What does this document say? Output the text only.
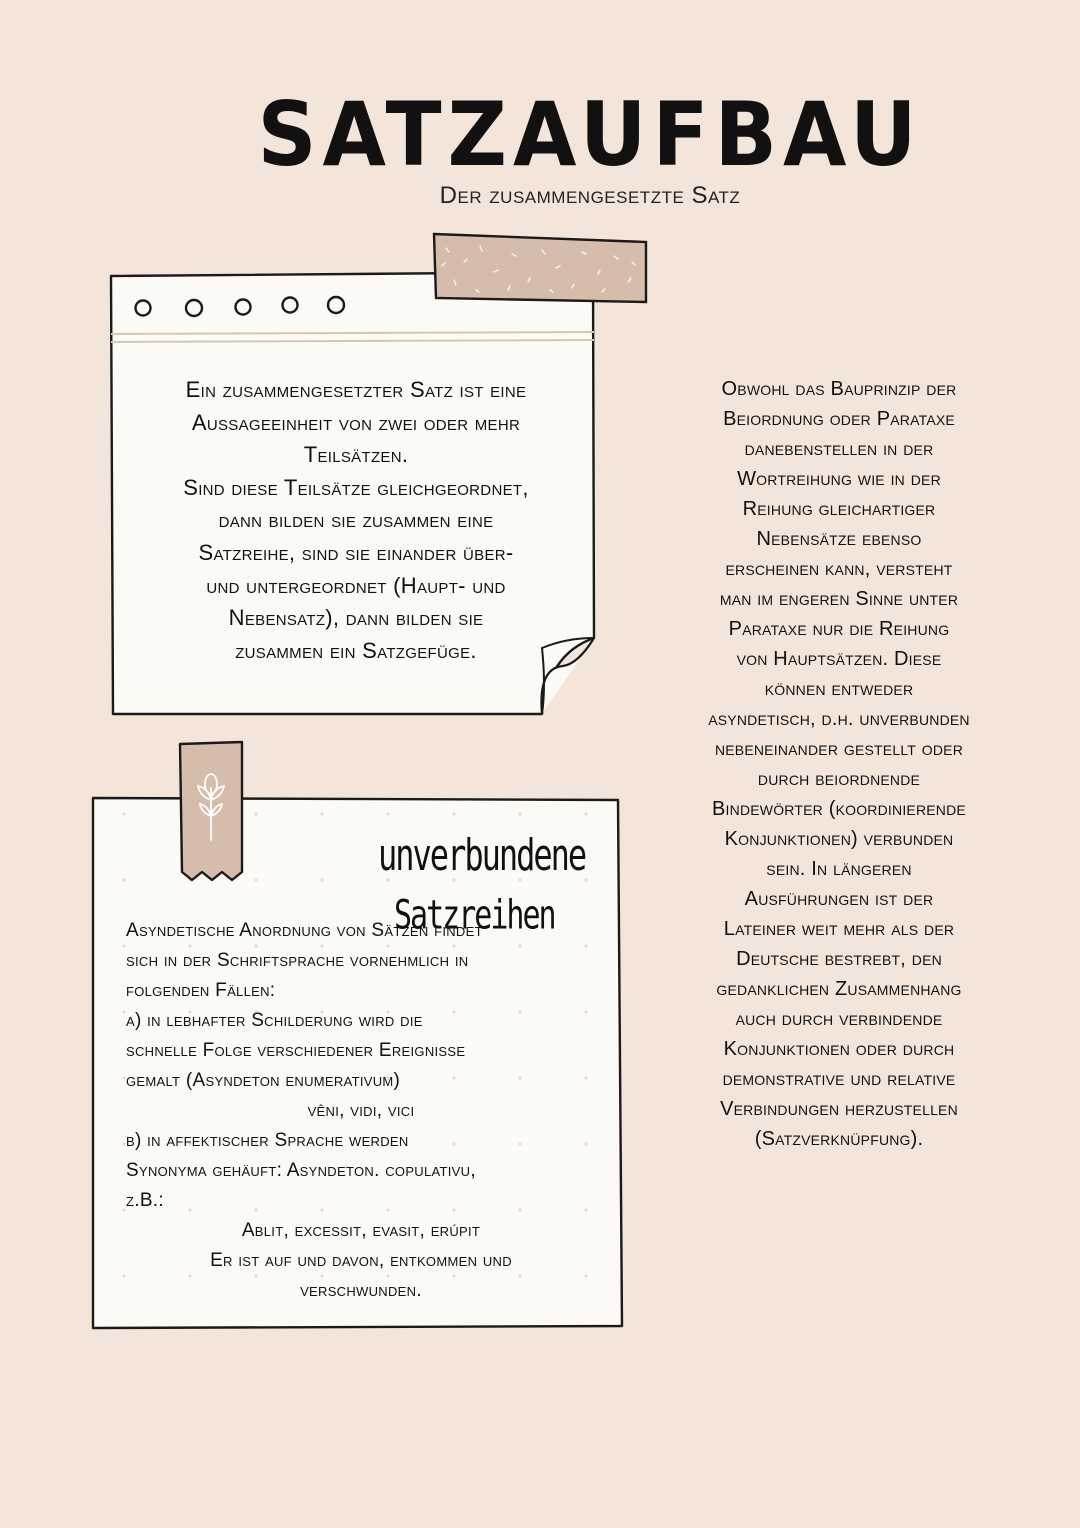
SATZAUFBAU
Der zusammengesetzte Satz

Ein zusammengesetzter Satz ist eine

Aussageeinheit von zwei oder mehr

Teilsätzen.

Sind diese Teilsätze gleichgeordnet,

dann bilden sie zusammen eine

Satzreihe, sind sie einander über-

und untergeordnet (Haupt- und

Nebensatz), dann bilden sie

zusammen ein Satzgefüge.

unverbundene
Satzreihen

Asyndetische Anordnung von Sätzen findet

sich in der Schriftsprache vornehmlich in

folgenden Fällen:

a) in lebhafter Schilderung wird die

schnelle Folge verschiedener Ereignisse

gemalt (Asyndeton enumerativum)

vêni, vidi, vici

b) in affektischer Sprache werden

Synonyma gehäuft: Asyndeton. copulativu,

z.B.:

Ablit, excessit, evasit, erúpit

Er ist auf und davon, entkommen und

verschwunden.

Obwohl das Bauprinzip der
Beiordnung oder Parataxe
danebenstellen in der
Wortreihung wie in der
Reihung gleichartiger
Nebensätze ebenso
erscheinen kann, versteht
man im engeren Sinne unter
Parataxe nur die Reihung
von Hauptsätzen. Diese
können entweder
asyndetisch, d.h. unverbunden
nebeneinander gestellt oder
durch beiordnende
Bindewörter (koordinierende
Konjunktionen) verbunden
sein. In längeren
Ausführungen ist der
Lateiner weit mehr als der
Deutsche bestrebt, den
gedanklichen Zusammenhang
auch durch verbindende
Konjunktionen oder durch
demonstrative und relative
Verbindungen herzustellen
(Satzverknüpfung).
